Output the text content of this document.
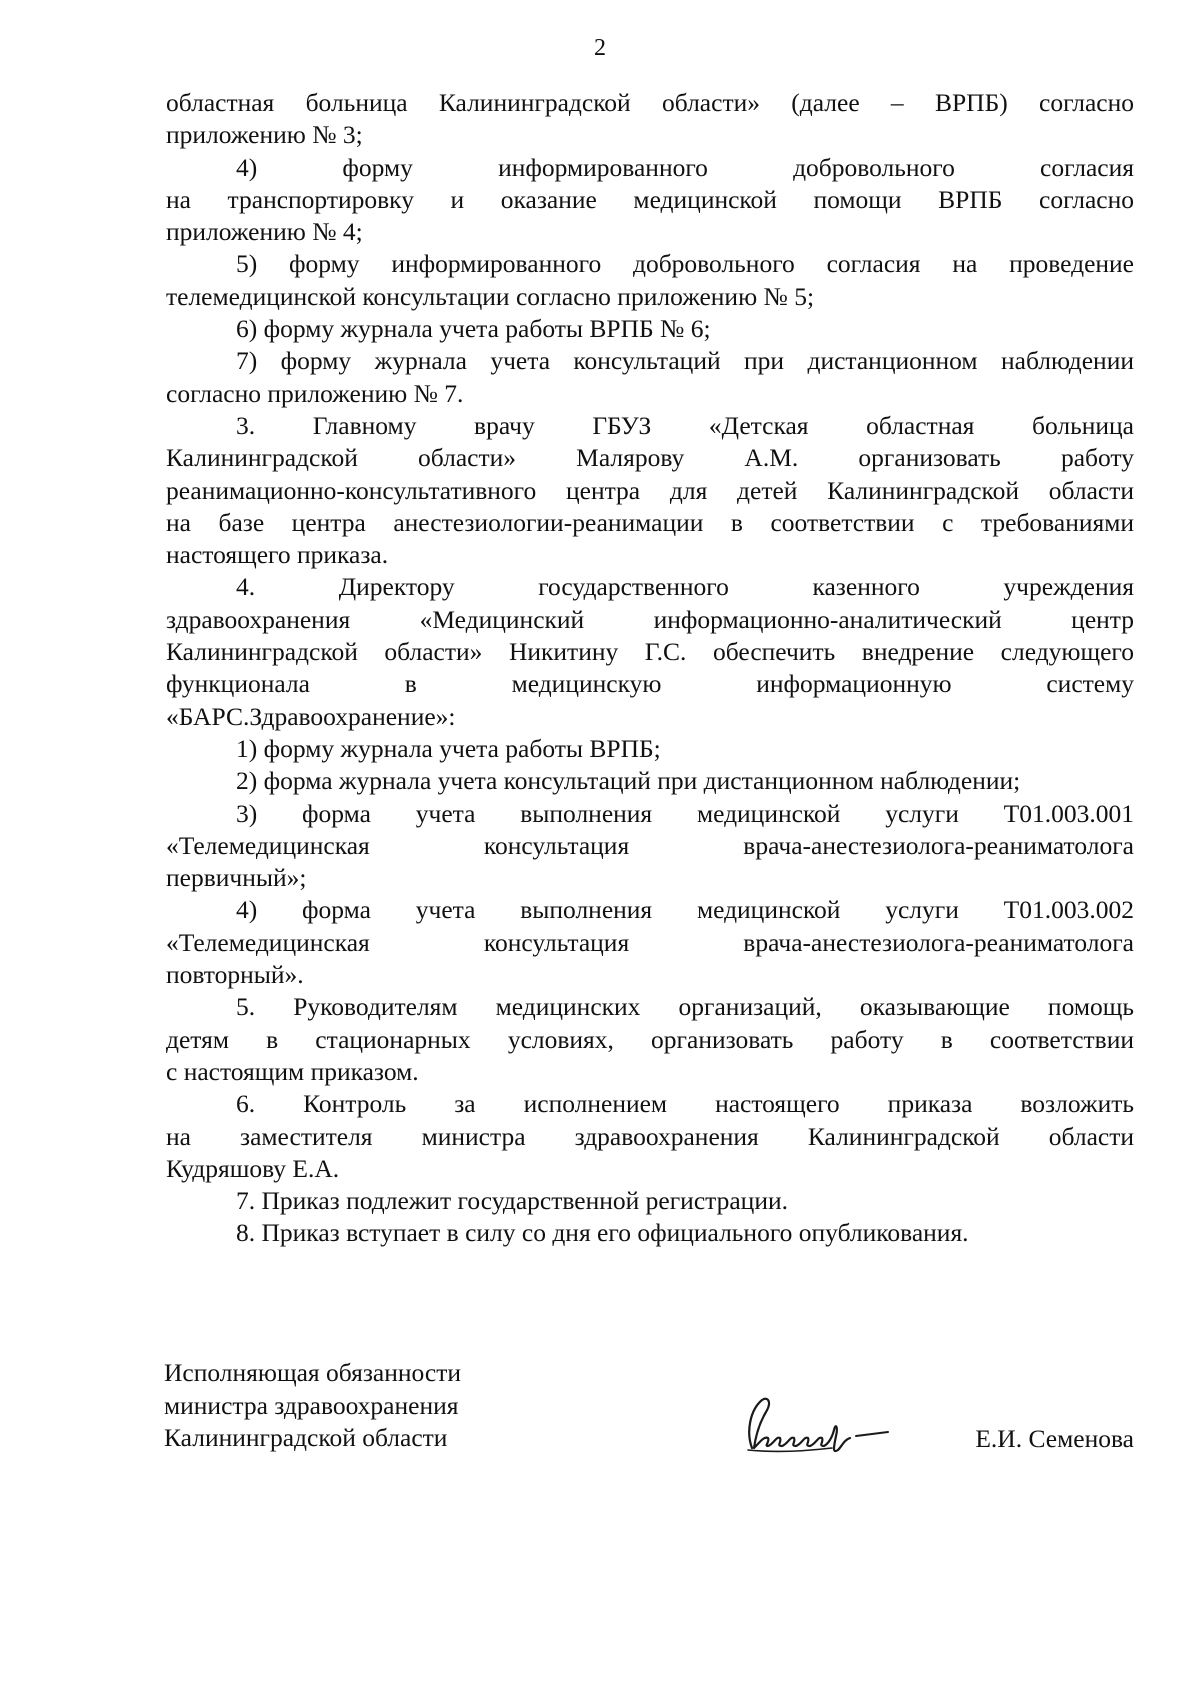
2

областная больница Калининградской области» (далее – ВРПБ) согласно
приложению № 3;

4) форму информированного добровольного согласия
на транспортировку и оказание медицинской помощи ВРПБ согласно
приложению № 4;

5) форму информированного добровольного согласия на проведение
телемедицинской консультации согласно приложению № 5;

6) форму журнала учета работы ВРПБ № 6;

7) форму журнала учета консультаций при дистанционном наблюдении
согласно приложению № 7.

3. Главному врачу ГБУЗ «Детская областная больница
Калининградской области» Малярову А.М. организовать работу
реанимационно-консультативного центра для детей Калининградской области
на базе центра анестезиологии-реанимации в соответствии с требованиями
настоящего приказа.

4. Директору государственного казенного учреждения
здравоохранения «Медицинский информационно-аналитический центр
Калининградской области» Никитину Г.С. обеспечить внедрение следующего
функционала в медицинскую информационную систему
«БАРС.Здравоохранение»:

1) форму журнала учета работы ВРПБ;

2) форма журнала учета консультаций при дистанционном наблюдении;

3) форма учета выполнения медицинской услуги Т01.003.001
«Телемедицинская консультация врача-анестезиолога-реаниматолога
первичный»;

4) форма учета выполнения медицинской услуги Т01.003.002
«Телемедицинская консультация врача-анестезиолога-реаниматолога
повторный».

5. Руководителям медицинских организаций, оказывающие помощь
детям в стационарных условиях, организовать работу в соответствии
с настоящим приказом.

6. Контроль за исполнением настоящего приказа возложить
на заместителя министра здравоохранения Калининградской области
Кудряшову Е.А.

7. Приказ подлежит государственной регистрации.

8. Приказ вступает в силу со дня его официального опубликования.

Исполняющая обязанности
министра здравоохранения
Калининградской области	Е.И. Семенова
